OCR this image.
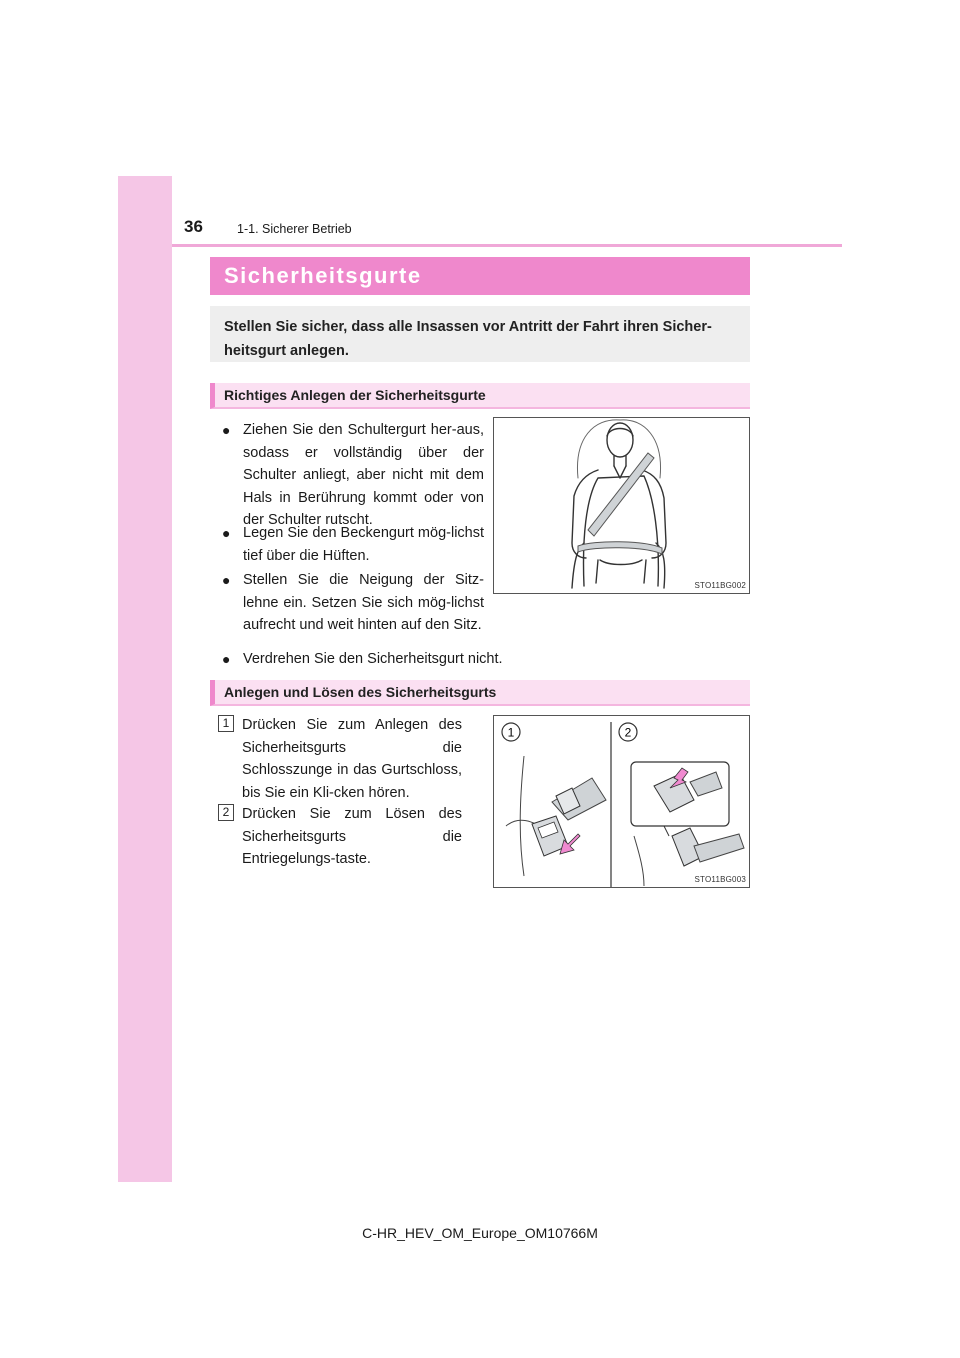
36	1-1. Sicherer Betrieb
Sicherheitsgurte

Stellen Sie sicher, dass alle Insassen vor Antritt der Fahrt ihren Sicher-heitsgurt anlegen.

Richtiges Anlegen der Sicherheitsgurte
● Ziehen Sie den Schultergurt her-aus, sodass er vollständig über der Schulter anliegt, aber nicht mit dem Hals in Berührung kommt oder von der Schulter rutscht.
● Legen Sie den Beckengurt mög-lichst tief über die Hüften.
● Stellen Sie die Neigung der Sitz-lehne ein. Setzen Sie sich mög-lichst aufrecht und weit hinten auf den Sitz.
● Verdrehen Sie den Sicherheitsgurt nicht.
STO11BG002
Anlegen und Lösen des Sicherheitsgurts
1 Drücken Sie zum Anlegen des Sicherheitsgurts die Schlosszunge in das Gurtschloss, bis Sie ein Kli-cken hören.
2 Drücken Sie zum Lösen des Sicherheitsgurts die Entriegelungs-taste.
1	2
STO11BG003
C-HR_HEV_OM_Europe_OM10766M
